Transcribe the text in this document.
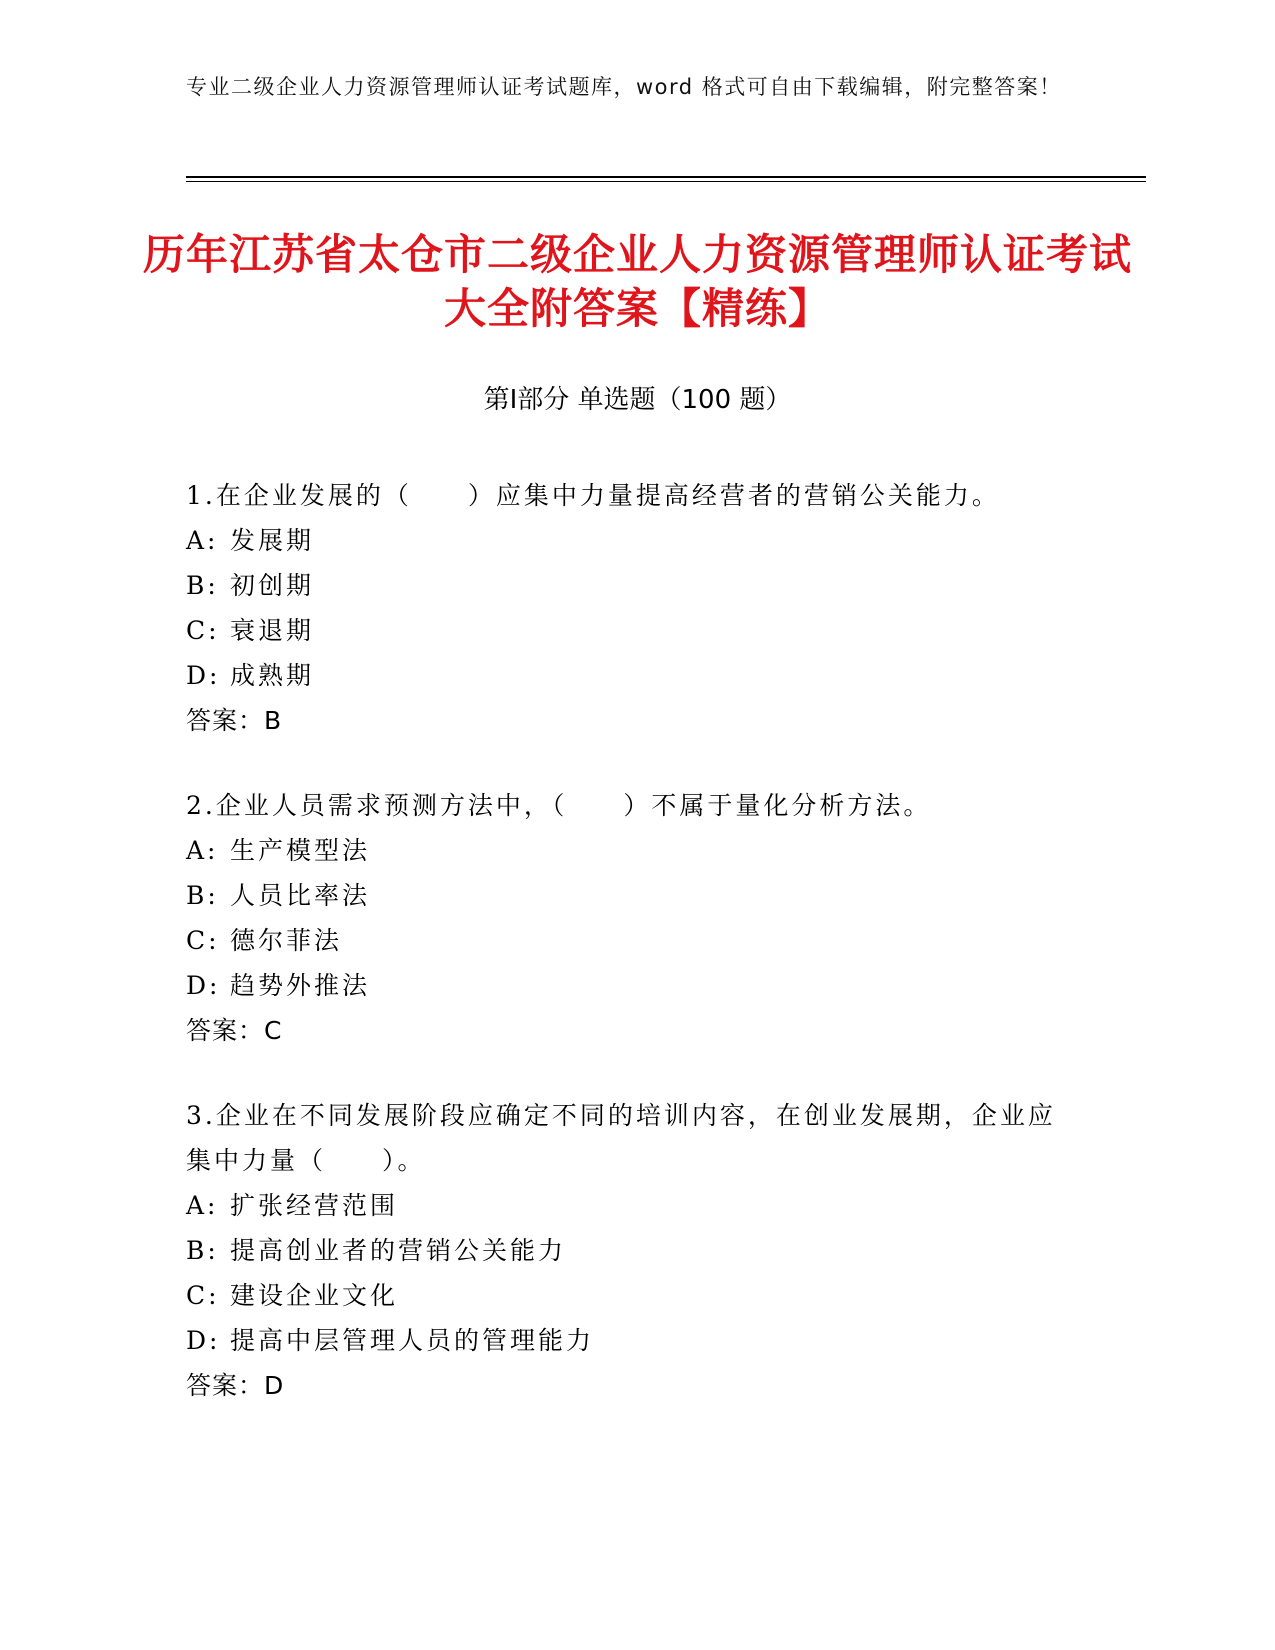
专业二级企业人力资源管理师认证考试题库，word 格式可自由下载编辑，附完整答案！
历年江苏省太仓市二级企业人力资源管理师认证考试大全附答案【精练】
第Ⅰ部分 单选题（100 题）

1.在企业发展的（　　）应集中力量提高经营者的营销公关能力。

A: 发展期

B: 初创期

C: 衰退期

D: 成熟期

答案：B

2.企业人员需求预测方法中，（　　）不属于量化分析方法。

A: 生产模型法

B: 人员比率法

C: 德尔菲法

D: 趋势外推法

答案：C

3.企业在不同发展阶段应确定不同的培训内容，在创业发展期，企业应集中力量（　　）。

A: 扩张经营范围

B: 提高创业者的营销公关能力

C: 建设企业文化

D: 提高中层管理人员的管理能力

答案：D
